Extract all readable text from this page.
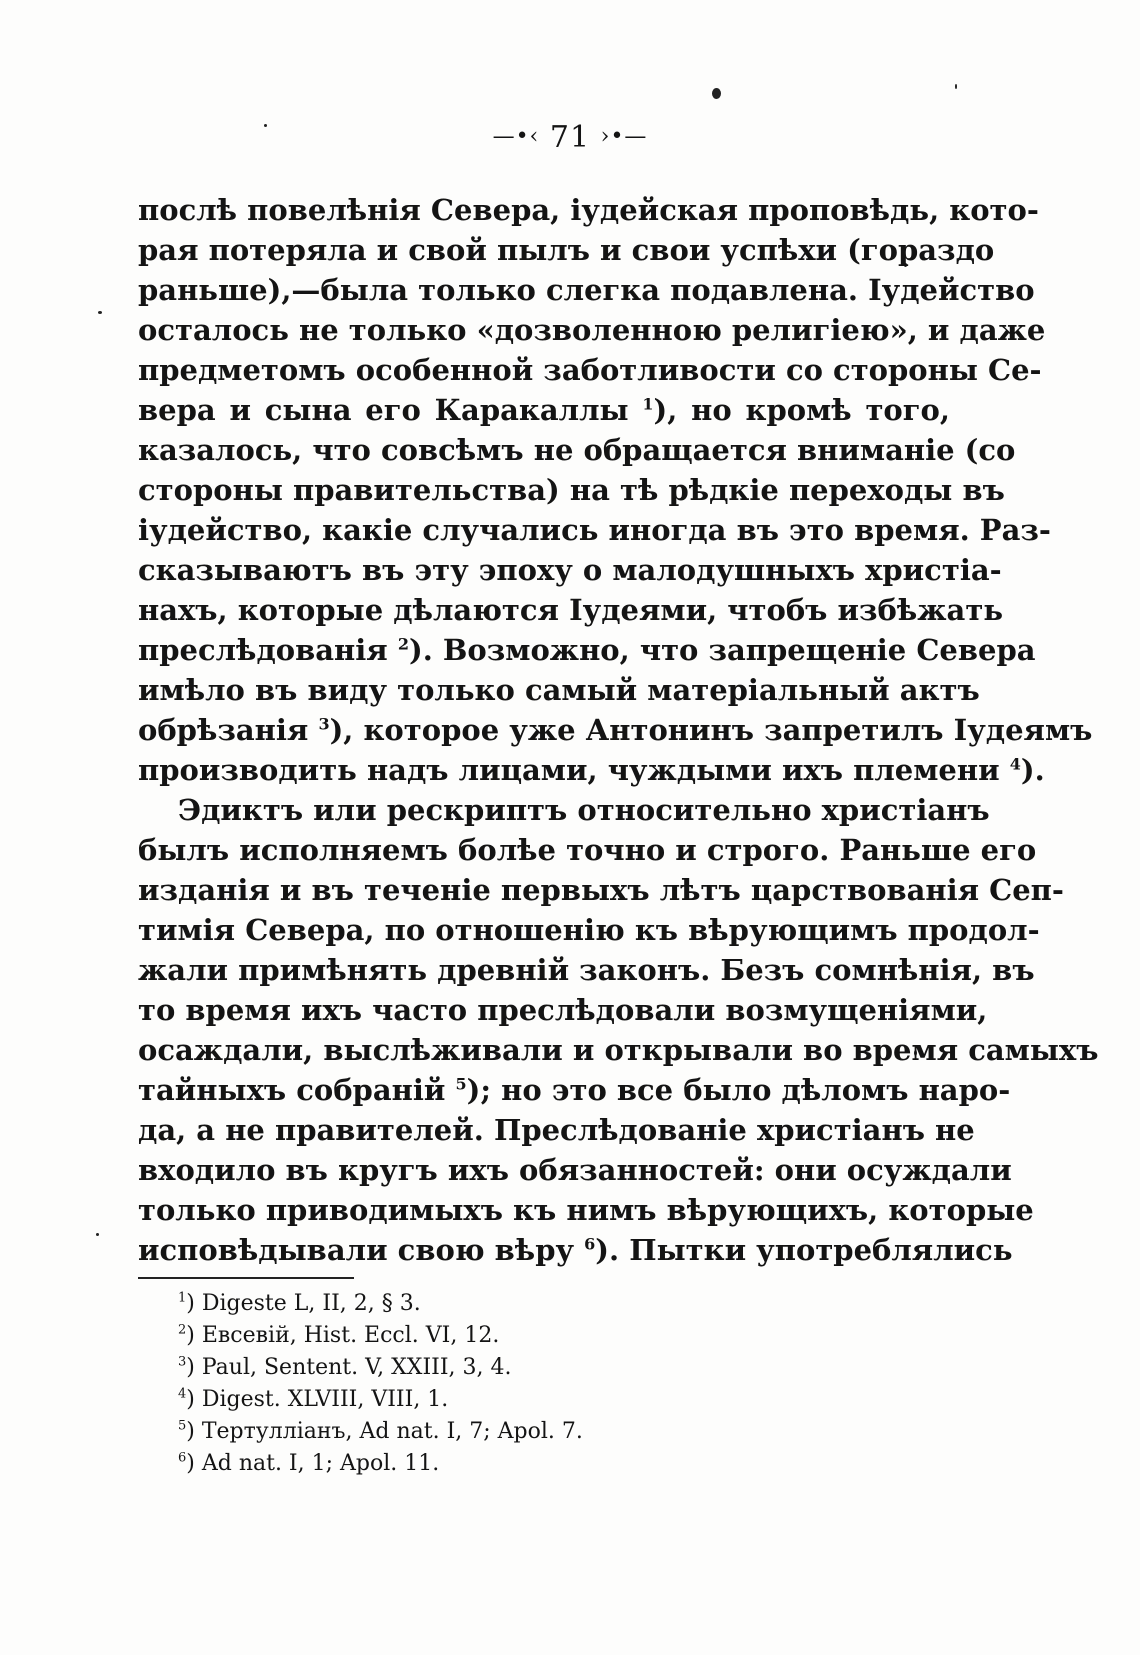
—•‹ 71 ›•—
послѣ повелѣнія Севера, іудейская проповѣдь, кото-
рая потеряла и свой пылъ и свои успѣхи (гораздо
раньше),—была только слегка подавлена. Іудейство
осталось не только «дозволенною религіею», и даже
предметомъ особенной заботливости со стороны Се-
вера и сына его Каракаллы $^1$), но кромѣ того,
казалось, что совсѣмъ не обращается вниманіе (со
стороны правительства) на тѣ рѣдкіе переходы въ
іудейство, какіе случались иногда въ это время. Раз-
сказываютъ въ эту эпоху о малодушныхъ христіа-
нахъ, которые дѣлаются Іудеями, чтобъ избѣжать
преслѣдованія $^2$). Возможно, что запрещеніе Севера
имѣло въ виду только самый матеріальный актъ
обрѣзанія $^3$), которое уже Антонинъ запретилъ Іудеямъ
производить надъ лицами, чуждыми ихъ племени $^4$).
Эдиктъ или рескриптъ относительно христіанъ
былъ исполняемъ болѣе точно и строго. Раньше его
изданія и въ теченіе первыхъ лѣтъ царствованія Сеп-
тимія Севера, по отношенію къ вѣрующимъ продол-
жали примѣнять древній законъ. Безъ сомнѣнія, въ
то время ихъ часто преслѣдовали возмущеніями,
осаждали, выслѣживали и открывали во время самыхъ
тайныхъ собраній $^5$); но это все было дѣломъ наро-
да, а не правителей. Преслѣдованіе христіанъ не
входило въ кругъ ихъ обязанностей: они осуждали
только приводимыхъ къ нимъ вѣрующихъ, которые
исповѣдывали свою вѣру $^6$). Пытки употреблялись
$^1$) Digeste L, II, 2, § 3.
$^2$) Евсевій, Hist. Eccl. VI, 12.
$^3$) Paul, Sentent. V, XXIII, 3, 4.
$^4$) Digest. XLVIII, VIII, 1.
$^5$) Тертулліанъ, Ad nat. I, 7; Apol. 7.
$^6$) Ad nat. I, 1; Apol. 11.
